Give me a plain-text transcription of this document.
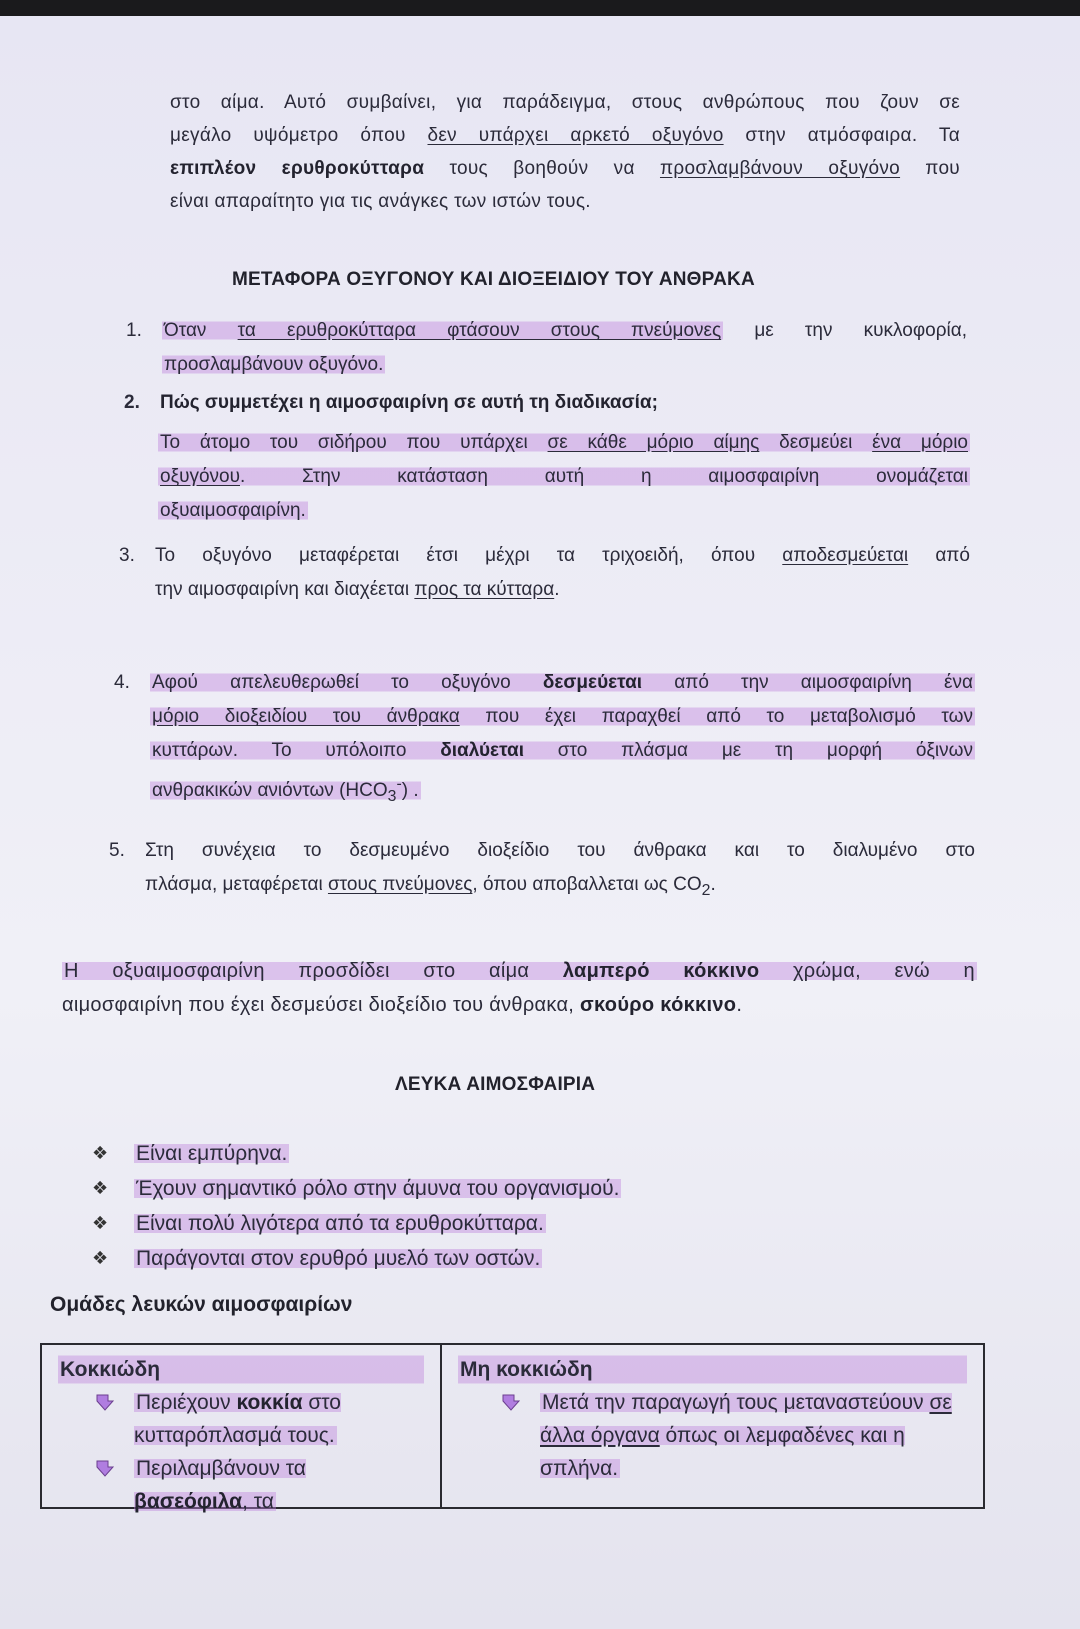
στο αίμα. Αυτό συμβαίνει, για παράδειγμα, στους ανθρώπους που ζουν σε
μεγάλο υψόμετρο όπου δεν υπάρχει αρκετό οξυγόνο στην ατμόσφαιρα. Τα
επιπλέον ερυθροκύτταρα τους βοηθούν να προσλαμβάνουν οξυγόνο που
είναι απαραίτητο για τις ανάγκες των ιστών τους.
ΜΕΤΑΦΟΡΑ ΟΞΥΓΟΝΟΥ ΚΑΙ ΔΙΟΞΕΙΔΙΟΥ ΤΟΥ ΑΝΘΡΑΚΑ
1. Όταν τα ερυθροκύτταρα φτάσουν στους πνεύμονες με την κυκλοφορία,
προσλαμβάνουν οξυγόνο.
2. Πώς συμμετέχει η αιμοσφαιρίνη σε αυτή τη διαδικασία;
Το άτομο του σιδήρου που υπάρχει σε κάθε μόριο αίμης δεσμεύει ένα μόριο
οξυγόνου. Στην κατάσταση αυτή η αιμοσφαιρίνη ονομάζεται
οξυαιμοσφαιρίνη.
3. Το οξυγόνο μεταφέρεται έτσι μέχρι τα τριχοειδή, όπου αποδεσμεύεται από
την αιμοσφαιρίνη και διαχέεται προς τα κύτταρα.
4. Αφού απελευθερωθεί το οξυγόνο δεσμεύεται από την αιμοσφαιρίνη ένα
μόριο διοξειδίου του άνθρακα που έχει παραχθεί από το μεταβολισμό των
κυττάρων. Το υπόλοιπο διαλύεται στο πλάσμα με τη μορφή όξινων
ανθρακικών ανιόντων $(HCO_3^-)$ .
5. Στη συνέχεια το δεσμευμένο διοξείδιο του άνθρακα και το διαλυμένο στο
πλάσμα, μεταφέρεται στους πνεύμονες, όπου αποβαλλεται ως $CO_2$.
Η οξυαιμοσφαιρίνη προσδίδει στο αίμα λαμπερό κόκκινο χρώμα, ενώ η
αιμοσφαιρίνη που έχει δεσμεύσει διοξείδιο του άνθρακα, σκούρο κόκκινο.
ΛΕΥΚΑ ΑΙΜΟΣΦΑΙΡΙΑ
❖ Είναι εμπύρηνα.
❖ Έχουν σημαντικό ρόλο στην άμυνα του οργανισμού.
❖ Είναι πολύ λιγότερα από τα ερυθροκύτταρα.
❖ Παράγονται στον ερυθρό μυελό των οστών.
Ομάδες λευκών αιμοσφαιρίων
Κοκκιώδη
Περιέχουν κοκκία στο κυτταρόπλασμά τους.
Περιλαμβάνουν τα βασεόφιλα, τα
Μη κοκκιώδη
Μετά την παραγωγή τους μεταναστεύουν σε άλλα όργανα όπως οι λεμφαδένες και η σπλήνα.
